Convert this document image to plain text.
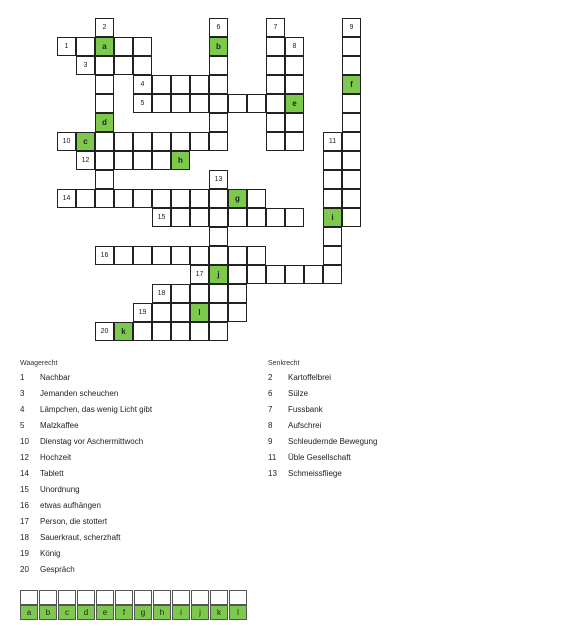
2	6	7	9
1	a	b	8
3
4	f
5	e
d
10	c	11
12	h
13
14	g
15	i
16
17	j
18
19	l
20	k
Waagerecht
1 Nachbar
3 Jemanden scheuchen
4 Lämpchen, das wenig Licht gibt
5 Malzkaffee
10 Dienstag vor Aschermittwoch
12 Hochzeit
14 Tablett
15 Unordnung
16 etwas aufhängen
17 Person, die stottert
18 Sauerkraut, scherzhaft
19 König
20 Gespräch
Senkrecht
2 Kartoffelbrei
6 Sülze
7 Fussbank
8 Aufschrei
9 Schleudernde Bewegung
11 Üble Gesellschaft
13 Schmeissfliege
a	b	c	d	e	f	g	h	i	j	k	l
